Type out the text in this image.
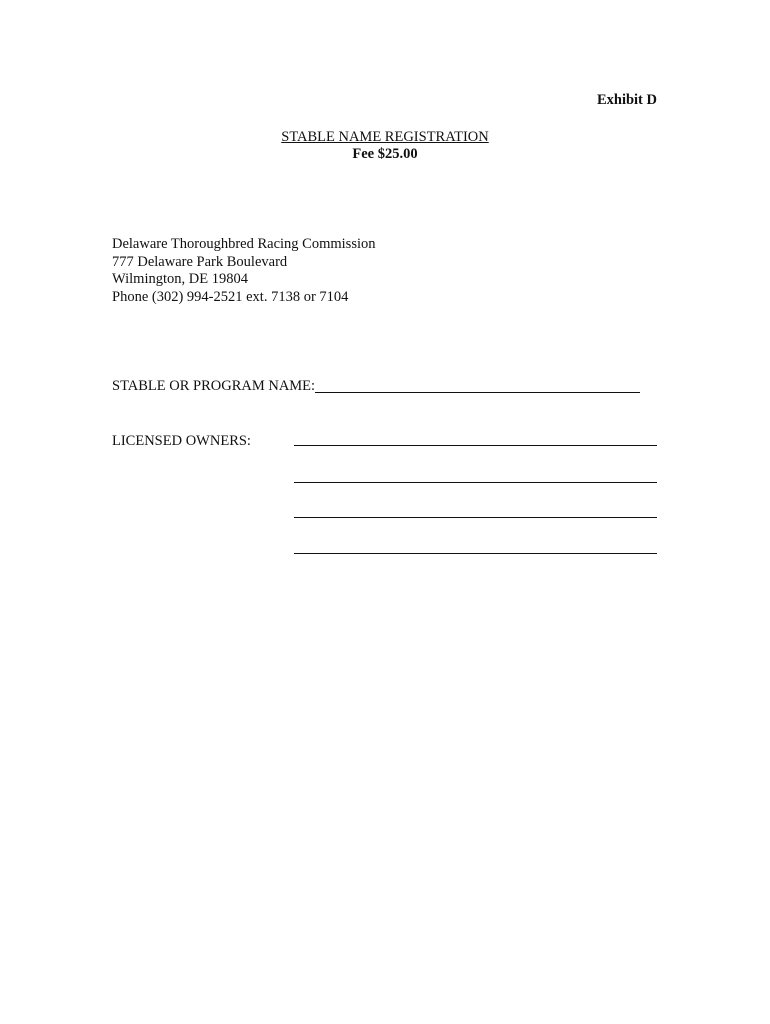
Exhibit D
STABLE NAME REGISTRATION
Fee $25.00
Delaware Thoroughbred Racing Commission
777 Delaware Park Boulevard
Wilmington, DE 19804
Phone (302) 994-2521 ext. 7138 or 7104
STABLE OR PROGRAM NAME:
LICENSED OWNERS:
